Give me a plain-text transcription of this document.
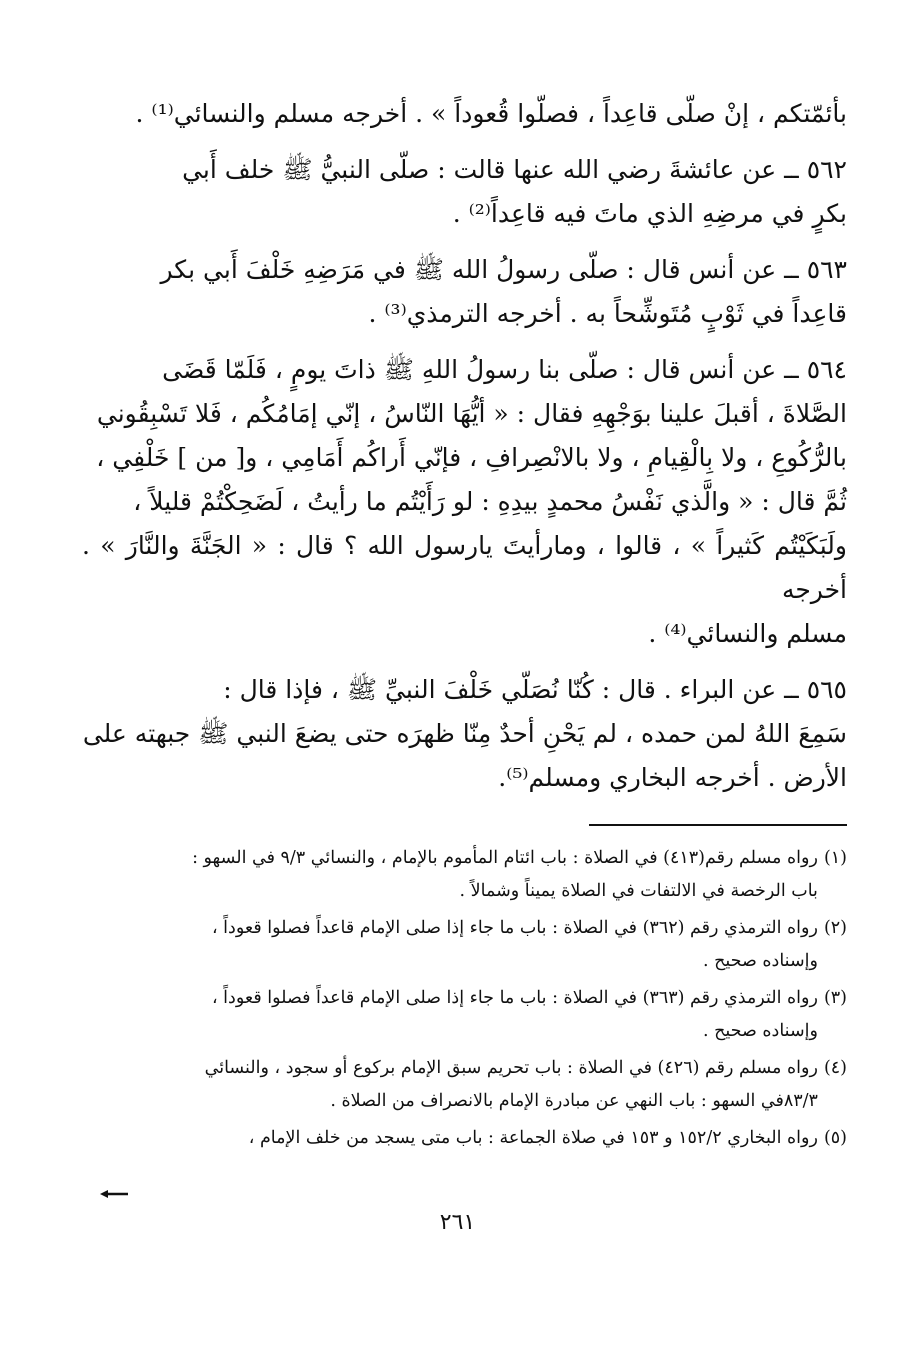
بأئمّتكم ، إنْ صلّى قاعِداً ، فصلّوا قُعوداً » . أخرجه مسلم والنسائي⁽¹⁾ .

٥٦٢ ــ عن عائشةَ رضي الله عنها قالت : صلّى النبيُّ ﷺ خلف أَبي

بكرٍ في مرضِهِ الذي ماتَ فيه قاعِداً⁽²⁾ .

٥٦٣ ــ عن أنس قال : صلّى رسولُ الله ﷺ في مَرَضِهِ خَلْفَ أَبي بكر

قاعِداً في ثَوْبٍ مُتَوشِّحاً به . أخرجه الترمذي⁽³⁾ .

٥٦٤ ــ عن أنس قال : صلّى بنا رسولُ اللهِ ﷺ ذاتَ يومٍ ، فَلَمّا قَضَى

الصَّلاةَ ، أقبلَ علينا بوَجْهِهِ فقال : « أيُّهَا النّاسُ ، إنّي إمَامُكُم ، فَلا تَسْبِقُوني

بالرُّكُوعِ ، ولا بِالْقِيامِ ، ولا بالانْصِرافِ ، فإنّي أَراكُم أَمَامِي ، و[ من ] خَلْفِي ،

ثُمَّ قال : « والَّذي نَفْسُ محمدٍ بيدِهِ : لو رَأَيْتُم ما رأيتُ ، لَضَحِكْتُمْ قليلاً ،

ولَبَكَيْتُم كَثيراً » ، قالوا ، ومارأيتَ يارسول الله ؟ قال : « الجَنَّةَ والنَّارَ » . أخرجه

مسلم والنسائي⁽⁴⁾ .

٥٦٥ ــ عن البراء . قال : كُنّا نُصَلّي خَلْفَ النبيِّ ﷺ ، فإذا قال :

سَمِعَ اللهُ لمن حمده ، لم يَحْنِ أحدٌ مِنّا ظهرَه حتى يضعَ النبي ﷺ جبهته على

الأرض . أخرجه البخاري ومسلم⁽⁵⁾.

(١)
رواه مسلم رقم(٤١٣) في الصلاة : باب ائتام المأموم بالإمام ، والنسائي ٩/٣ في السهو :
باب الرخصة في الالتفات في الصلاة يميناً وشمالاً .
(٢)
رواه الترمذي رقم (٣٦٢) في الصلاة : باب ما جاء إذا صلى الإمام قاعداً فصلوا قعوداً ،
وإسناده صحيح .
(٣)
رواه الترمذي رقم (٣٦٣) في الصلاة : باب ما جاء إذا صلى الإمام قاعداً فصلوا قعوداً ،
وإسناده صحيح .
(٤)
رواه مسلم رقم (٤٢٦) في الصلاة : باب تحريم سبق الإمام بركوع أو سجود ، والنسائي
٨٣/٣في السهو : باب النهي عن مبادرة الإمام بالانصراف من الصلاة .
(٥)
رواه البخاري ١٥٢/٢ و ١٥٣ في صلاة الجماعة : باب متى يسجد من خلف الإمام ،
٢٦١
